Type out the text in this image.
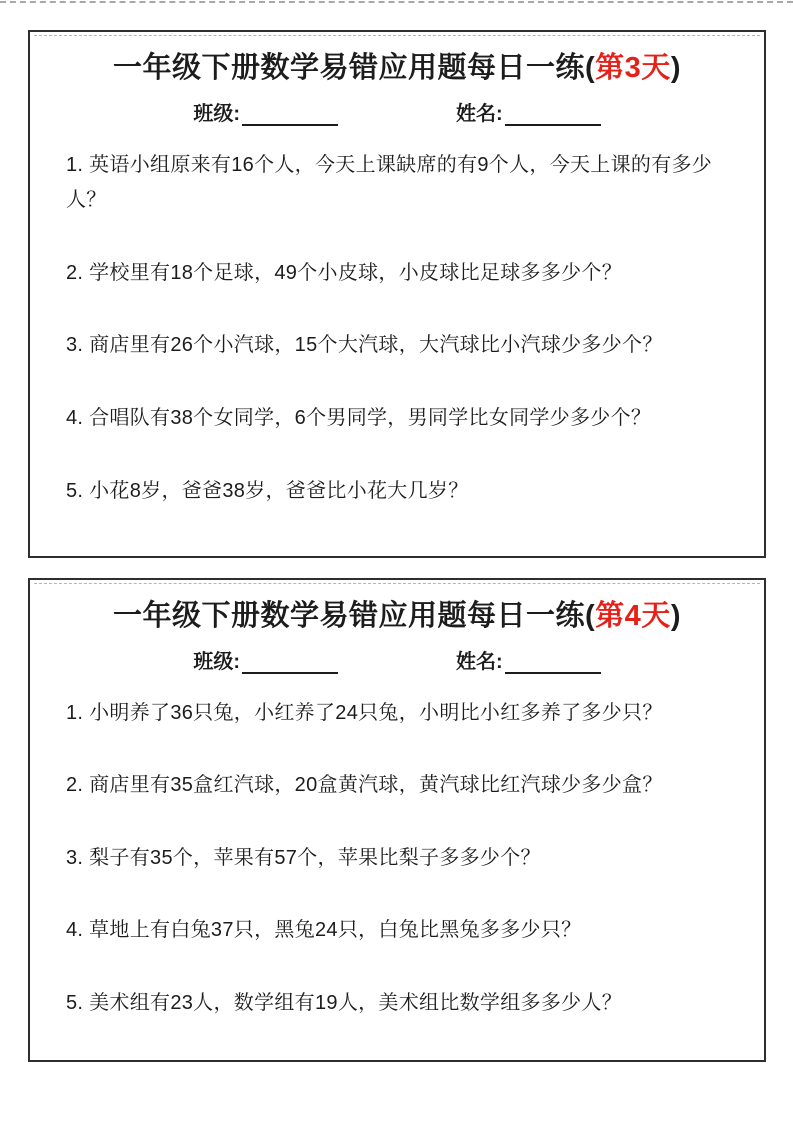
一年级下册数学易错应用题每日一练(第3天)
班级:	姓名:
1. 英语小组原来有16个人，今天上课缺席的有9个人，今天上课的有多少人？
2. 学校里有18个足球，49个小皮球，小皮球比足球多多少个？
3. 商店里有26个小汽球，15个大汽球，大汽球比小汽球少多少个？
4. 合唱队有38个女同学，6个男同学，男同学比女同学少多少个？
5. 小花8岁，爸爸38岁，爸爸比小花大几岁？
一年级下册数学易错应用题每日一练(第4天)
班级:	姓名:
1. 小明养了36只兔，小红养了24只兔，小明比小红多养了多少只？
2. 商店里有35盒红汽球，20盒黄汽球，黄汽球比红汽球少多少盒？
3. 梨子有35个，苹果有57个，苹果比梨子多多少个？
4. 草地上有白兔37只，黑兔24只，白兔比黑兔多多少只？
5. 美术组有23人，数学组有19人，美术组比数学组多多少人？
